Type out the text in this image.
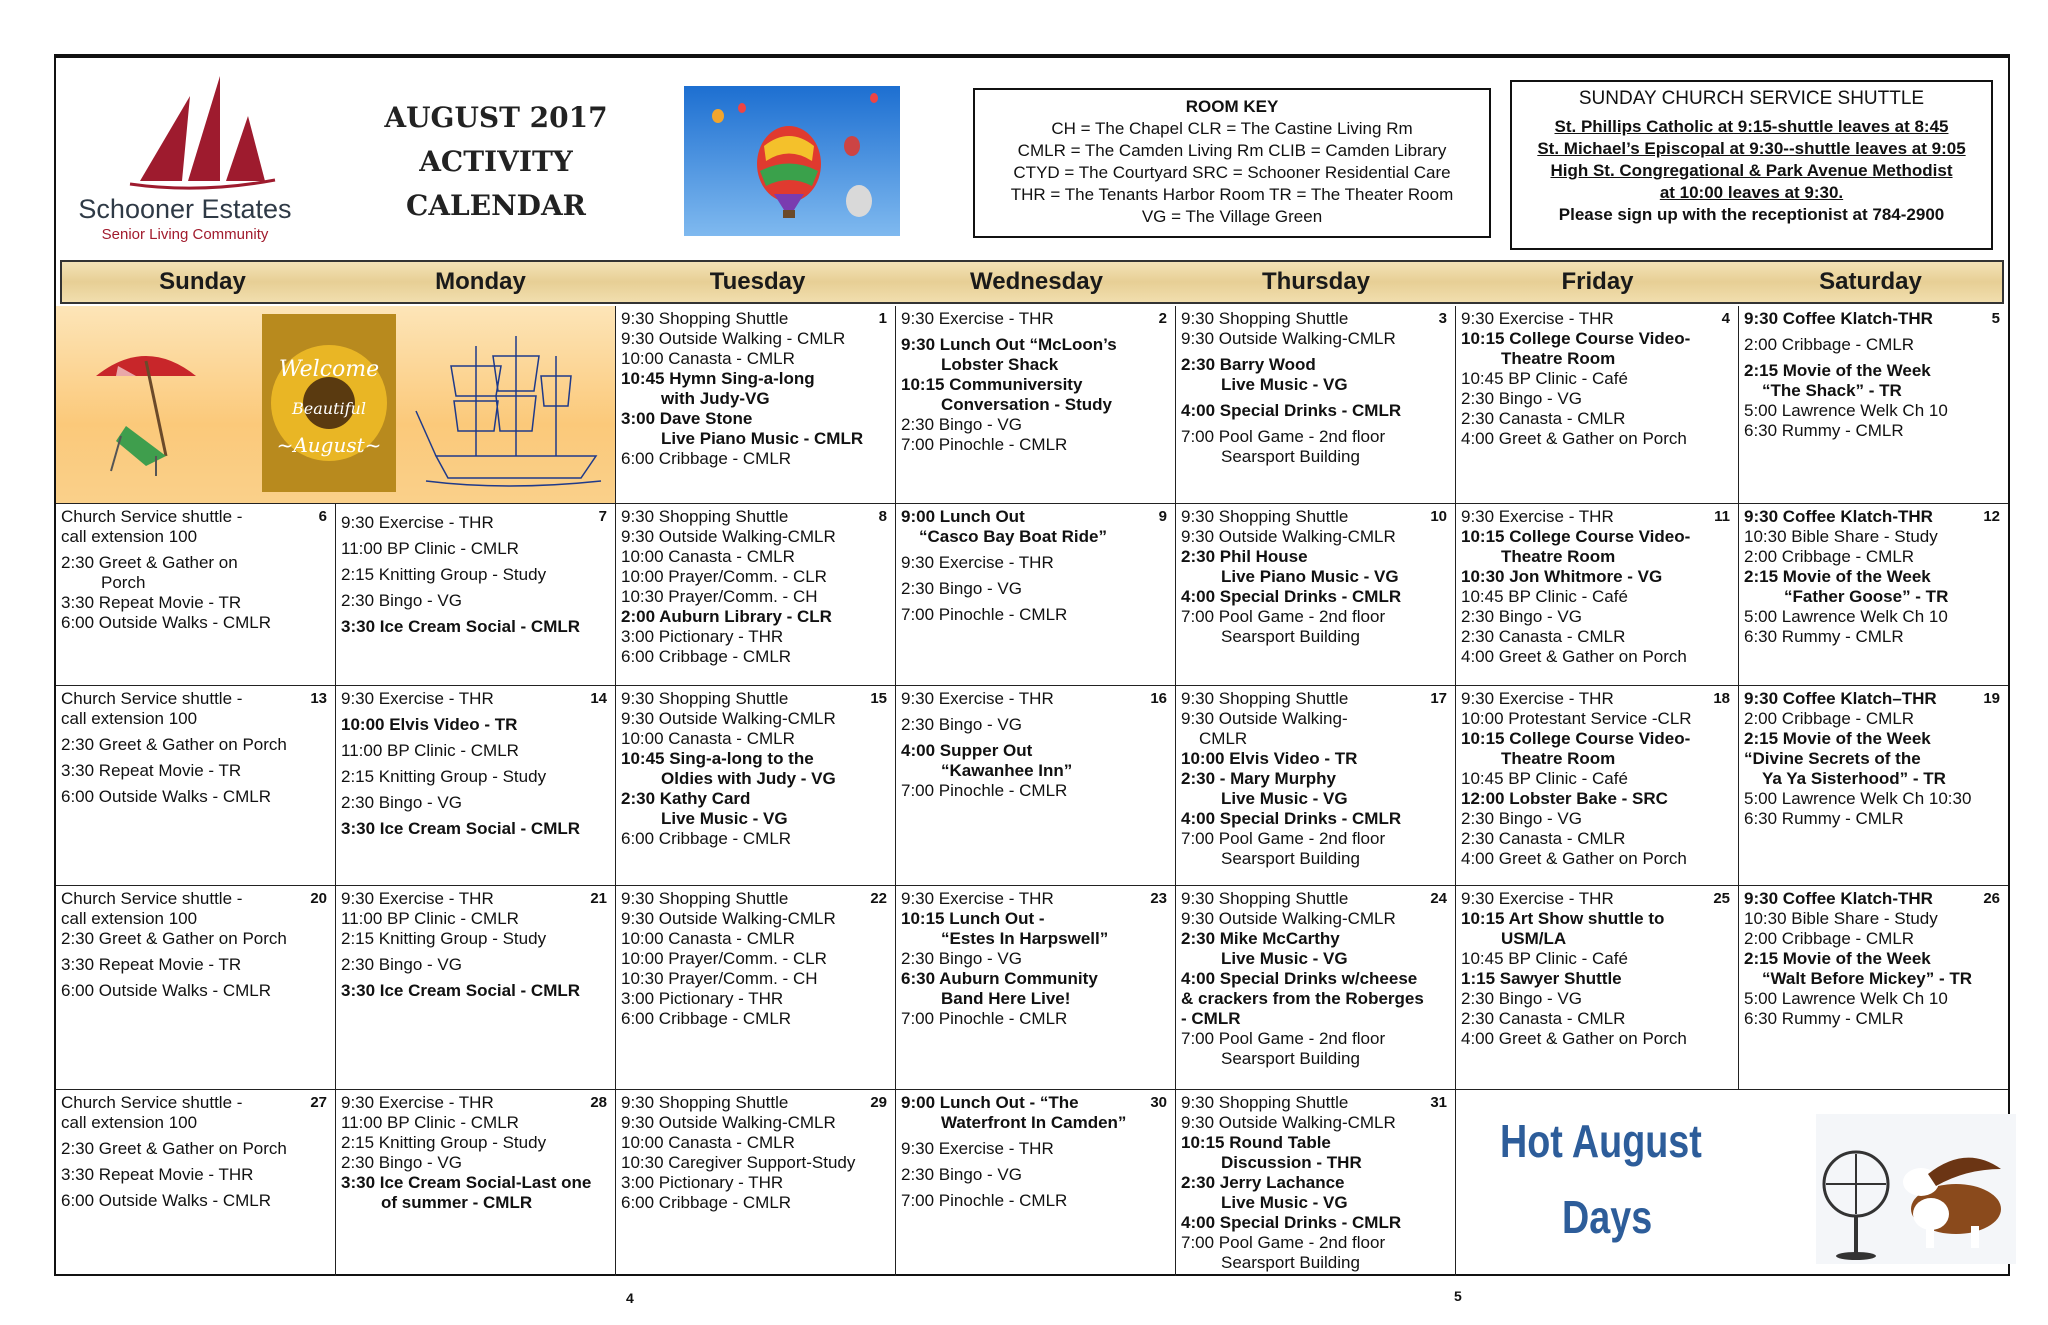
Schooner Estates
Senior Living Community
AUGUST 2017
ACTIVITY
CALENDAR
ROOM KEY
CH = The Chapel CLR = The Castine Living Rm
CMLR = The Camden Living Rm CLIB = Camden Library
CTYD = The Courtyard SRC = Schooner Residential Care
THR = The Tenants Harbor Room TR = The Theater Room
VG = The Village Green
SUNDAY CHURCH SERVICE SHUTTLE
St. Phillips Catholic at 9:15-shuttle leaves at 8:45
St. Michael’s Episcopal at 9:30--shuttle leaves at 9:05
High St. Congregational & Park Avenue Methodist
at 10:00 leaves at 9:30.
Please sign up with the receptionist at 784-2900
Sunday	Monday	Tuesday	Wednesday	Thursday	Friday	Saturday
Welcome
Beautiful
~August~
1
9:30 Shopping Shuttle
9:30 Outside Walking - CMLR
10:00 Canasta - CMLR
10:45 Hymn Sing-a-long
with Judy-VG
3:00 Dave Stone
Live Piano Music - CMLR
6:00 Cribbage - CMLR
2
9:30 Exercise - THR
9:30 Lunch Out “McLoon’s
Lobster Shack
10:15 Communiversity
Conversation - Study
2:30 Bingo - VG
7:00 Pinochle - CMLR
3
9:30 Shopping Shuttle
9:30 Outside Walking-CMLR
2:30 Barry Wood
Live Music - VG
4:00 Special Drinks - CMLR
7:00 Pool Game - 2nd floor
Searsport Building
4
9:30 Exercise - THR
10:15 College Course Video-
Theatre Room
10:45 BP Clinic - Café
2:30 Bingo - VG
2:30 Canasta - CMLR
4:00 Greet & Gather on Porch
5
9:30 Coffee Klatch-THR
2:00 Cribbage - CMLR
2:15 Movie of the Week
“The Shack” - TR
5:00 Lawrence Welk Ch 10
6:30 Rummy - CMLR
6
Church Service shuttle -
call extension 100
2:30 Greet & Gather on
Porch
3:30 Repeat Movie - TR
6:00 Outside Walks - CMLR
7
9:30 Exercise - THR
11:00 BP Clinic - CMLR
2:15 Knitting Group - Study
2:30 Bingo - VG
3:30 Ice Cream Social - CMLR
8
9:30 Shopping Shuttle
9:30 Outside Walking-CMLR
10:00 Canasta - CMLR
10:00 Prayer/Comm. - CLR
10:30 Prayer/Comm. - CH
2:00 Auburn Library - CLR
3:00 Pictionary - THR
6:00 Cribbage - CMLR
9
9:00 Lunch Out
“Casco Bay Boat Ride”
9:30 Exercise - THR
2:30 Bingo - VG
7:00 Pinochle - CMLR
10
9:30 Shopping Shuttle
9:30 Outside Walking-CMLR
2:30 Phil House
Live Piano Music - VG
4:00 Special Drinks - CMLR
7:00 Pool Game - 2nd floor
Searsport Building
11
9:30 Exercise - THR
10:15 College Course Video-
Theatre Room
10:30 Jon Whitmore - VG
10:45 BP Clinic - Café
2:30 Bingo - VG
2:30 Canasta - CMLR
4:00 Greet & Gather on Porch
12
9:30 Coffee Klatch-THR
10:30 Bible Share - Study
2:00 Cribbage - CMLR
2:15 Movie of the Week
“Father Goose” - TR
5:00 Lawrence Welk Ch 10
6:30 Rummy - CMLR
13
Church Service shuttle -
call extension 100
2:30 Greet & Gather on Porch
3:30 Repeat Movie - TR
6:00 Outside Walks - CMLR
14
9:30 Exercise - THR
10:00 Elvis Video - TR
11:00 BP Clinic - CMLR
2:15 Knitting Group - Study
2:30 Bingo - VG
3:30 Ice Cream Social - CMLR
15
9:30 Shopping Shuttle
9:30 Outside Walking-CMLR
10:00 Canasta - CMLR
10:45 Sing-a-long to the
Oldies with Judy - VG
2:30 Kathy Card
Live Music - VG
6:00 Cribbage - CMLR
16
9:30 Exercise - THR
2:30 Bingo - VG
4:00 Supper Out
“Kawanhee Inn”
7:00 Pinochle - CMLR
17
9:30 Shopping Shuttle
9:30 Outside Walking-
CMLR
10:00 Elvis Video - TR
2:30 - Mary Murphy
Live Music - VG
4:00 Special Drinks - CMLR
7:00 Pool Game - 2nd floor
Searsport Building
18
9:30 Exercise - THR
10:00 Protestant Service -CLR
10:15 College Course Video-
Theatre Room
10:45 BP Clinic - Café
12:00 Lobster Bake - SRC
2:30 Bingo - VG
2:30 Canasta - CMLR
4:00 Greet & Gather on Porch
19
9:30 Coffee Klatch–THR
2:00 Cribbage - CMLR
2:15 Movie of the Week
“Divine Secrets of the
Ya Ya Sisterhood” - TR
5:00 Lawrence Welk Ch 10:30
6:30 Rummy - CMLR
20
Church Service shuttle -
call extension 100
2:30 Greet & Gather on Porch
3:30 Repeat Movie - TR
6:00 Outside Walks - CMLR
21
9:30 Exercise - THR
11:00 BP Clinic - CMLR
2:15 Knitting Group - Study
2:30 Bingo - VG
3:30 Ice Cream Social - CMLR
22
9:30 Shopping Shuttle
9:30 Outside Walking-CMLR
10:00 Canasta - CMLR
10:00 Prayer/Comm. - CLR
10:30 Prayer/Comm. - CH
3:00 Pictionary - THR
6:00 Cribbage - CMLR
23
9:30 Exercise - THR
10:15 Lunch Out -
“Estes In Harpswell”
2:30 Bingo - VG
6:30 Auburn Community
Band Here Live!
7:00 Pinochle - CMLR
24
9:30 Shopping Shuttle
9:30 Outside Walking-CMLR
2:30 Mike McCarthy
Live Music - VG
4:00 Special Drinks w/cheese
& crackers from the Roberges
- CMLR
7:00 Pool Game - 2nd floor
Searsport Building
25
9:30 Exercise - THR
10:15 Art Show shuttle to
USM/LA
10:45 BP Clinic - Café
1:15 Sawyer Shuttle
2:30 Bingo - VG
2:30 Canasta - CMLR
4:00 Greet & Gather on Porch
26
9:30 Coffee Klatch-THR
10:30 Bible Share - Study
2:00 Cribbage - CMLR
2:15 Movie of the Week
“Walt Before Mickey” - TR
5:00 Lawrence Welk Ch 10
6:30 Rummy - CMLR
27
Church Service shuttle -
call extension 100
2:30 Greet & Gather on Porch
3:30 Repeat Movie - THR
6:00 Outside Walks - CMLR
28
9:30 Exercise - THR
11:00 BP Clinic - CMLR
2:15 Knitting Group - Study
2:30 Bingo - VG
3:30 Ice Cream Social-Last one
of summer - CMLR
29
9:30 Shopping Shuttle
9:30 Outside Walking-CMLR
10:00 Canasta - CMLR
10:30 Caregiver Support-Study
3:00 Pictionary - THR
6:00 Cribbage - CMLR
30
9:00 Lunch Out - “The
Waterfront In Camden”
9:30 Exercise - THR
2:30 Bingo - VG
7:00 Pinochle - CMLR
31
9:30 Shopping Shuttle
9:30 Outside Walking-CMLR
10:15 Round Table
Discussion - THR
2:30 Jerry Lachance
Live Music - VG
4:00 Special Drinks - CMLR
7:00 Pool Game - 2nd floor
Searsport Building
Hot August
Days
4	5
